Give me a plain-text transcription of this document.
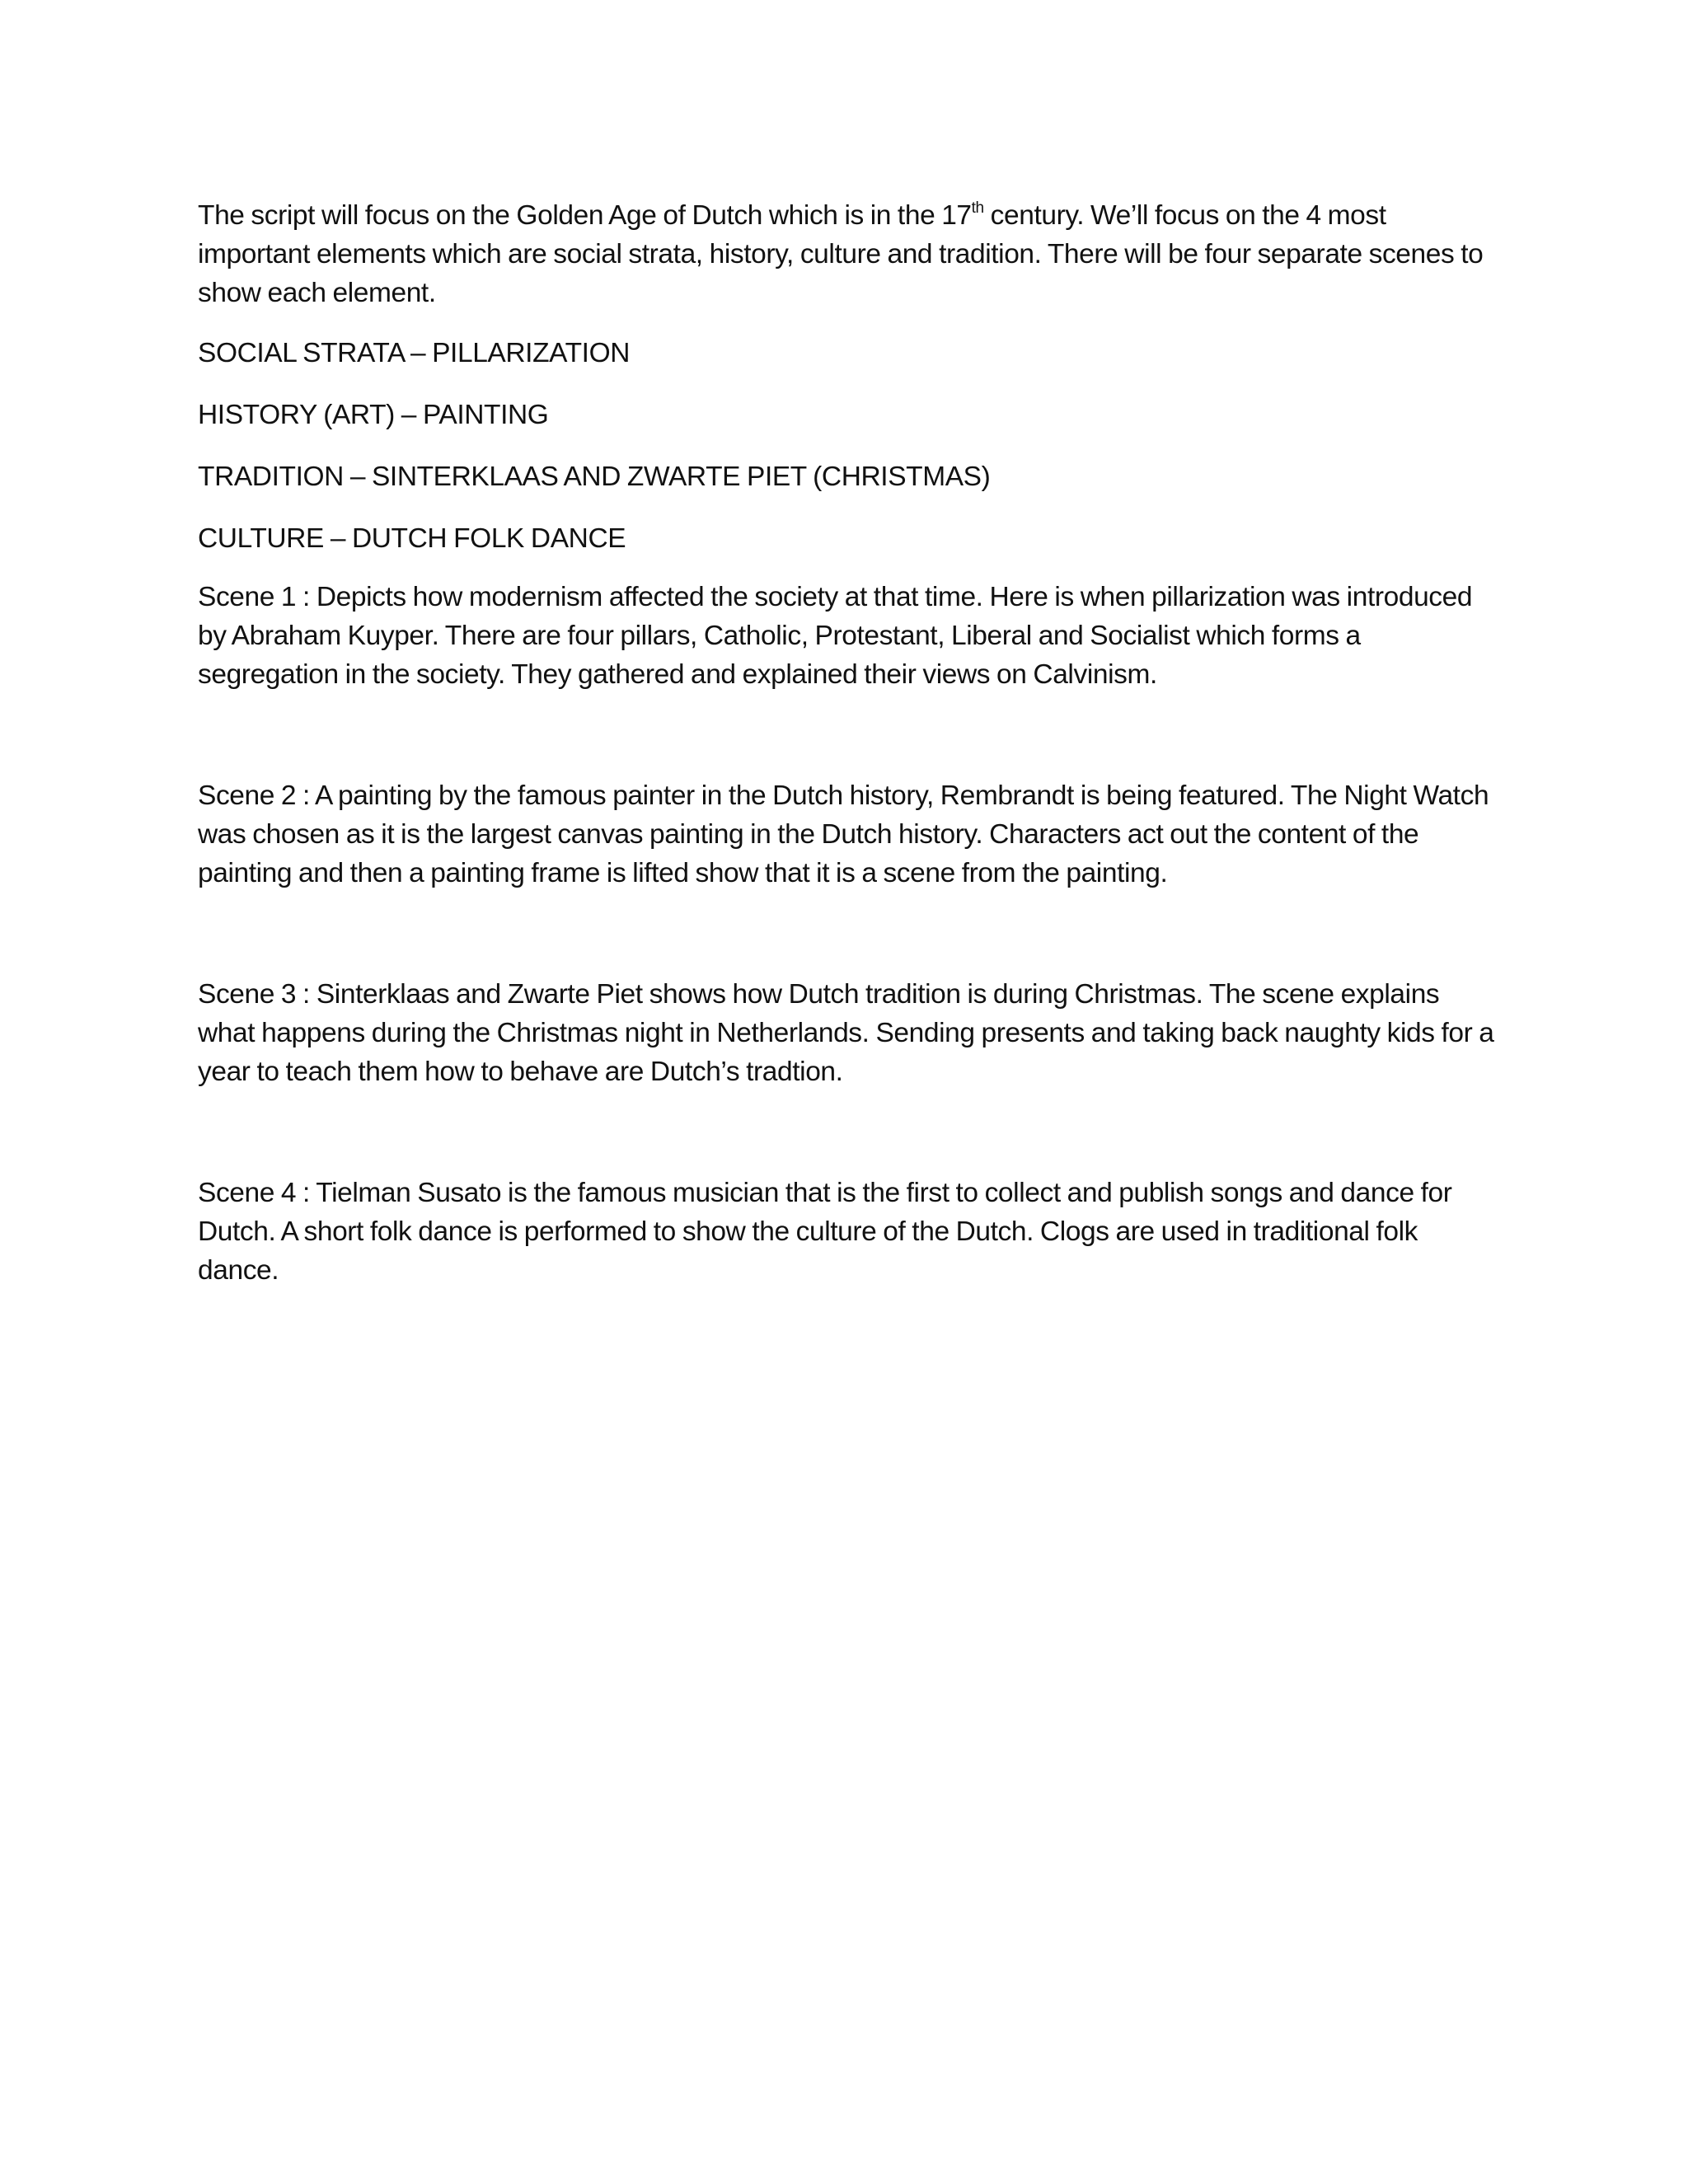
The script will focus on the Golden Age of Dutch which is in the 17th century. We’ll focus on the 4 most important elements which are social strata, history, culture and tradition. There will be four separate scenes to show each element.

SOCIAL STRATA – PILLARIZATION

HISTORY (ART) – PAINTING

TRADITION – SINTERKLAAS AND ZWARTE PIET (CHRISTMAS)

CULTURE – DUTCH FOLK DANCE

Scene 1 : Depicts how modernism affected the society at that time. Here is when pillarization was introduced by Abraham Kuyper. There are four pillars, Catholic, Protestant, Liberal and Socialist which forms a segregation in the society. They gathered and explained their views on Calvinism.

Scene 2 : A painting by the famous painter in the Dutch history, Rembrandt is being featured. The Night Watch was chosen as it is the largest canvas painting in the Dutch history. Characters act out the content of the painting and then a painting frame is lifted show that it is a scene from the painting.

Scene 3 : Sinterklaas and Zwarte Piet shows how Dutch tradition is during Christmas. The scene explains what happens during the Christmas night in Netherlands. Sending presents and taking back naughty kids for a year to teach them how to behave are Dutch’s tradtion.

Scene 4 : Tielman Susato is the famous musician that is the first to collect and publish songs and dance for Dutch. A short folk dance is performed to show the culture of the Dutch. Clogs are used in traditional folk dance.
